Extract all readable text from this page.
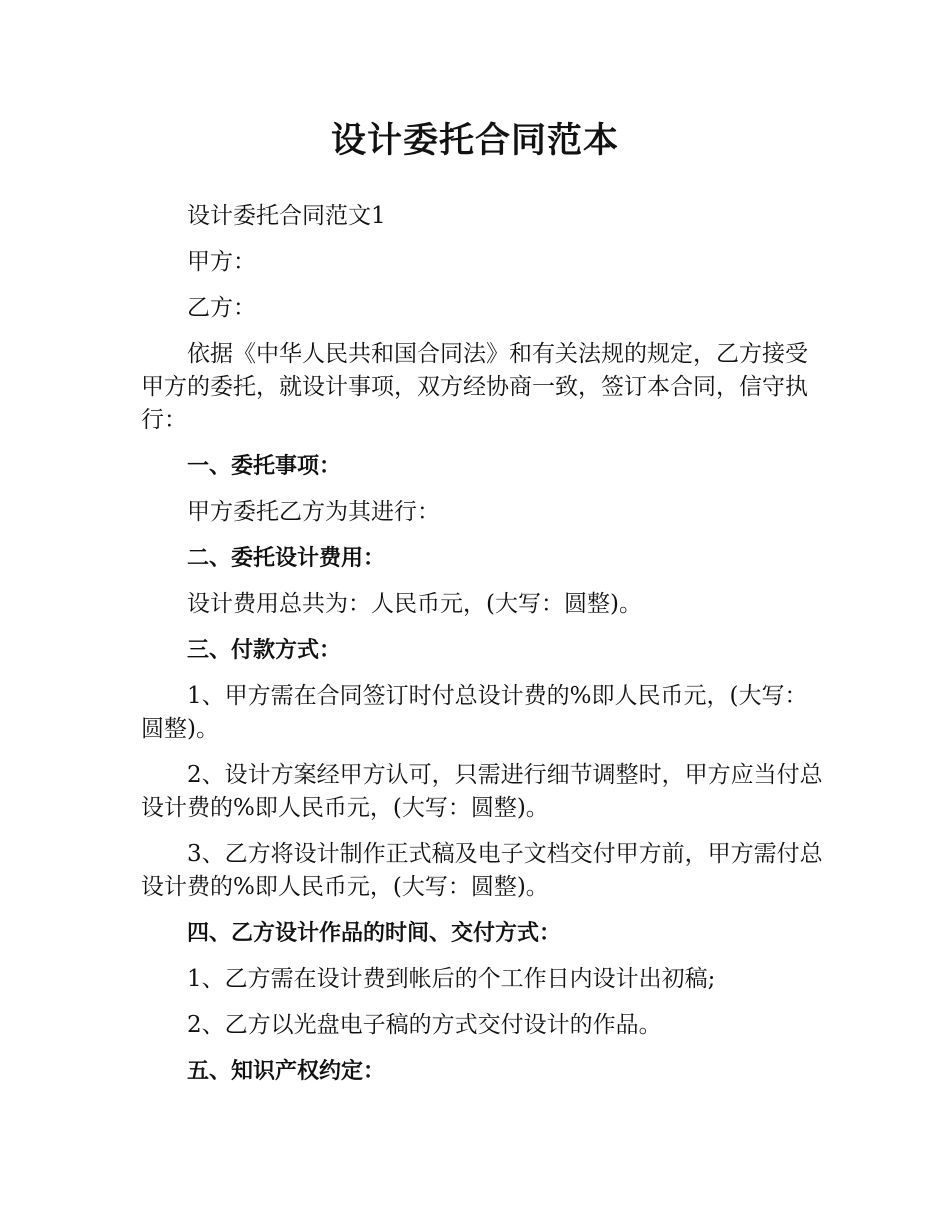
设计委托合同范本

设计委托合同范文1

甲方：

乙方：

依据《中华人民共和国合同法》和有关法规的规定，乙方接受甲方的委托，就设计事项，双方经协商一致，签订本合同，信守执行：

一、委托事项：

甲方委托乙方为其进行：

二、委托设计费用：

设计费用总共为：人民币元，(大写：圆整)。

三、付款方式：

1、甲方需在合同签订时付总设计费的%即人民币元，(大写：圆整)。

2、设计方案经甲方认可，只需进行细节调整时，甲方应当付总设计费的%即人民币元，(大写：圆整)。

3、乙方将设计制作正式稿及电子文档交付甲方前，甲方需付总设计费的%即人民币元，(大写：圆整)。

四、乙方设计作品的时间、交付方式：

1、乙方需在设计费到帐后的个工作日内设计出初稿;

2、乙方以光盘电子稿的方式交付设计的作品。

五、知识产权约定：
